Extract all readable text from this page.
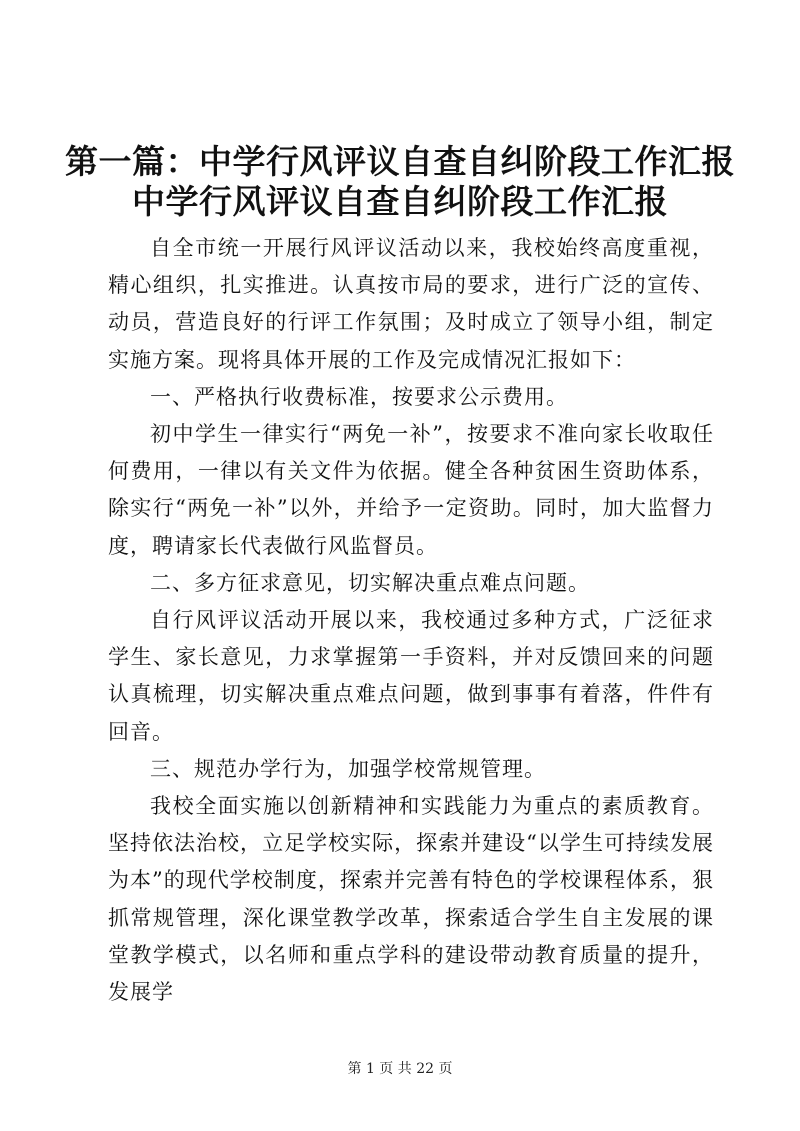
第一篇：中学行风评议自查自纠阶段工作汇报
中学行风评议自查自纠阶段工作汇报

自全市统一开展行风评议活动以来，我校始终高度重视，精心组织，扎实推进。认真按市局的要求，进行广泛的宣传、动员，营造良好的行评工作氛围；及时成立了领导小组，制定实施方案。现将具体开展的工作及完成情况汇报如下：

一、严格执行收费标准，按要求公示费用。

初中学生一律实行“两免一补”，按要求不准向家长收取任何费用，一律以有关文件为依据。健全各种贫困生资助体系，除实行“两免一补”以外，并给予一定资助。同时，加大监督力度，聘请家长代表做行风监督员。

二、多方征求意见，切实解决重点难点问题。

自行风评议活动开展以来，我校通过多种方式，广泛征求学生、家长意见，力求掌握第一手资料，并对反馈回来的问题认真梳理，切实解决重点难点问题，做到事事有着落，件件有回音。

三、规范办学行为，加强学校常规管理。

我校全面实施以创新精神和实践能力为重点的素质教育。坚持依法治校，立足学校实际，探索并建设“以学生可持续发展为本”的现代学校制度，探索并完善有特色的学校课程体系，狠抓常规管理，深化课堂教学改革，探索适合学生自主发展的课堂教学模式，以名师和重点学科的建设带动教育质量的提升，发展学

第 1 页 共 22 页
